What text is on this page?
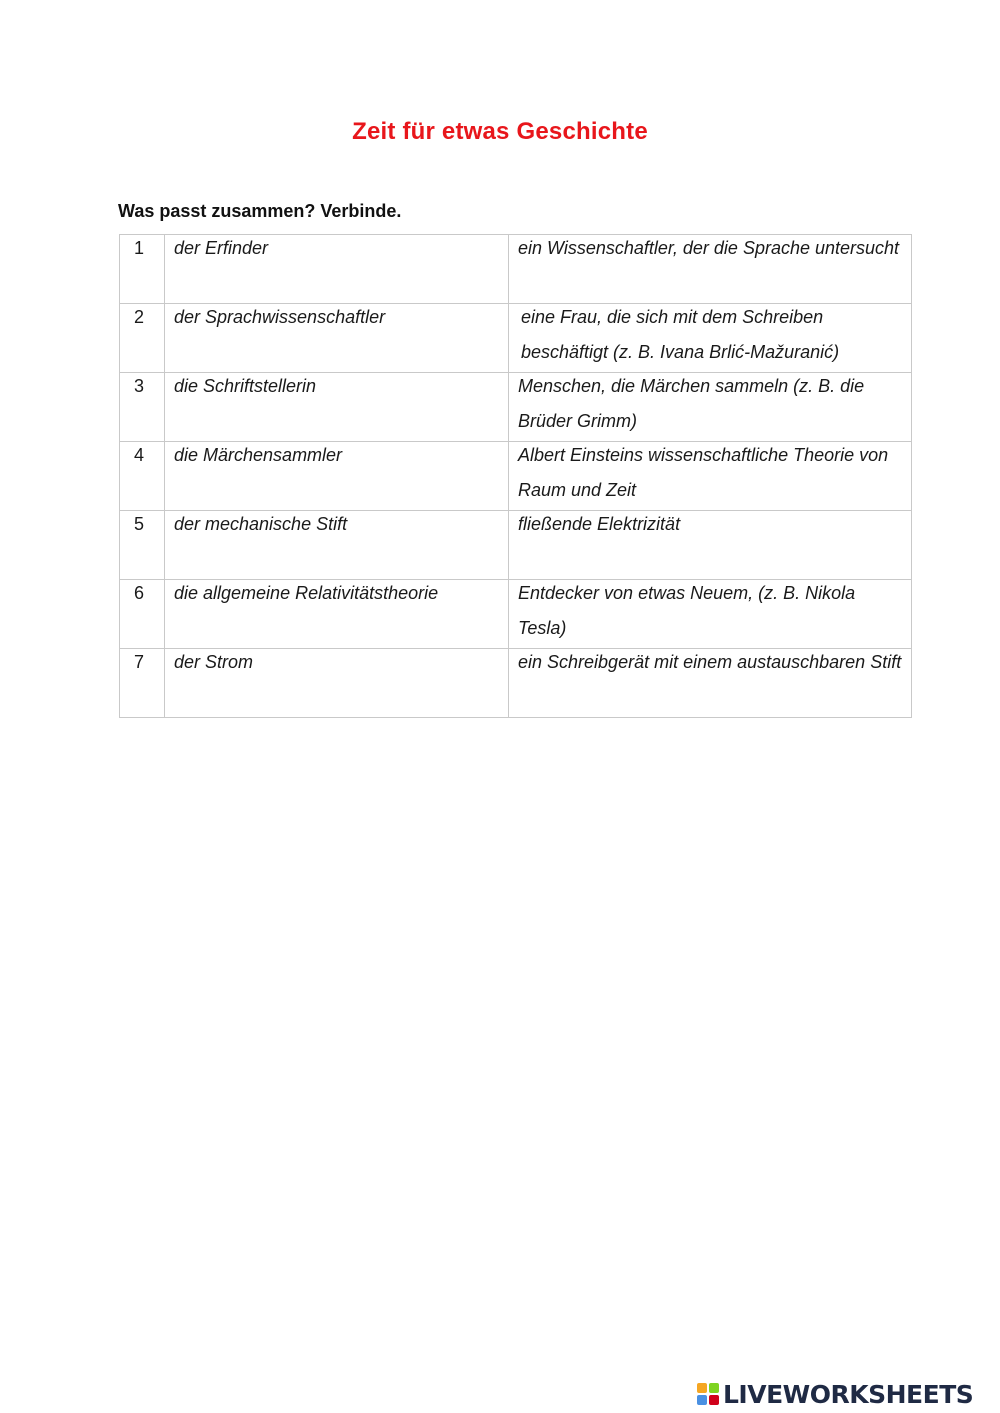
Zeit für etwas Geschichte
Was passt zusammen? Verbinde.
1	der Erfinder	ein Wissenschaftler, der die Sprache untersucht

2	der Sprachwissenschaftler	eine Frau, die sich mit dem Schreiben beschäftigt (z. B. Ivana Brlić-Mažuranić)

3	die Schriftstellerin	Menschen, die Märchen sammeln (z. B. die Brüder Grimm)

4	die Märchensammler	Albert Einsteins wissenschaftliche Theorie von Raum und Zeit

5	der mechanische Stift	fließende Elektrizität

6	die allgemeine Relativitätstheorie	Entdecker von etwas Neuem, (z. B. Nikola Tesla)

7	der Strom	ein Schreibgerät mit einem austauschbaren Stift
LIVEWORKSHEETS
